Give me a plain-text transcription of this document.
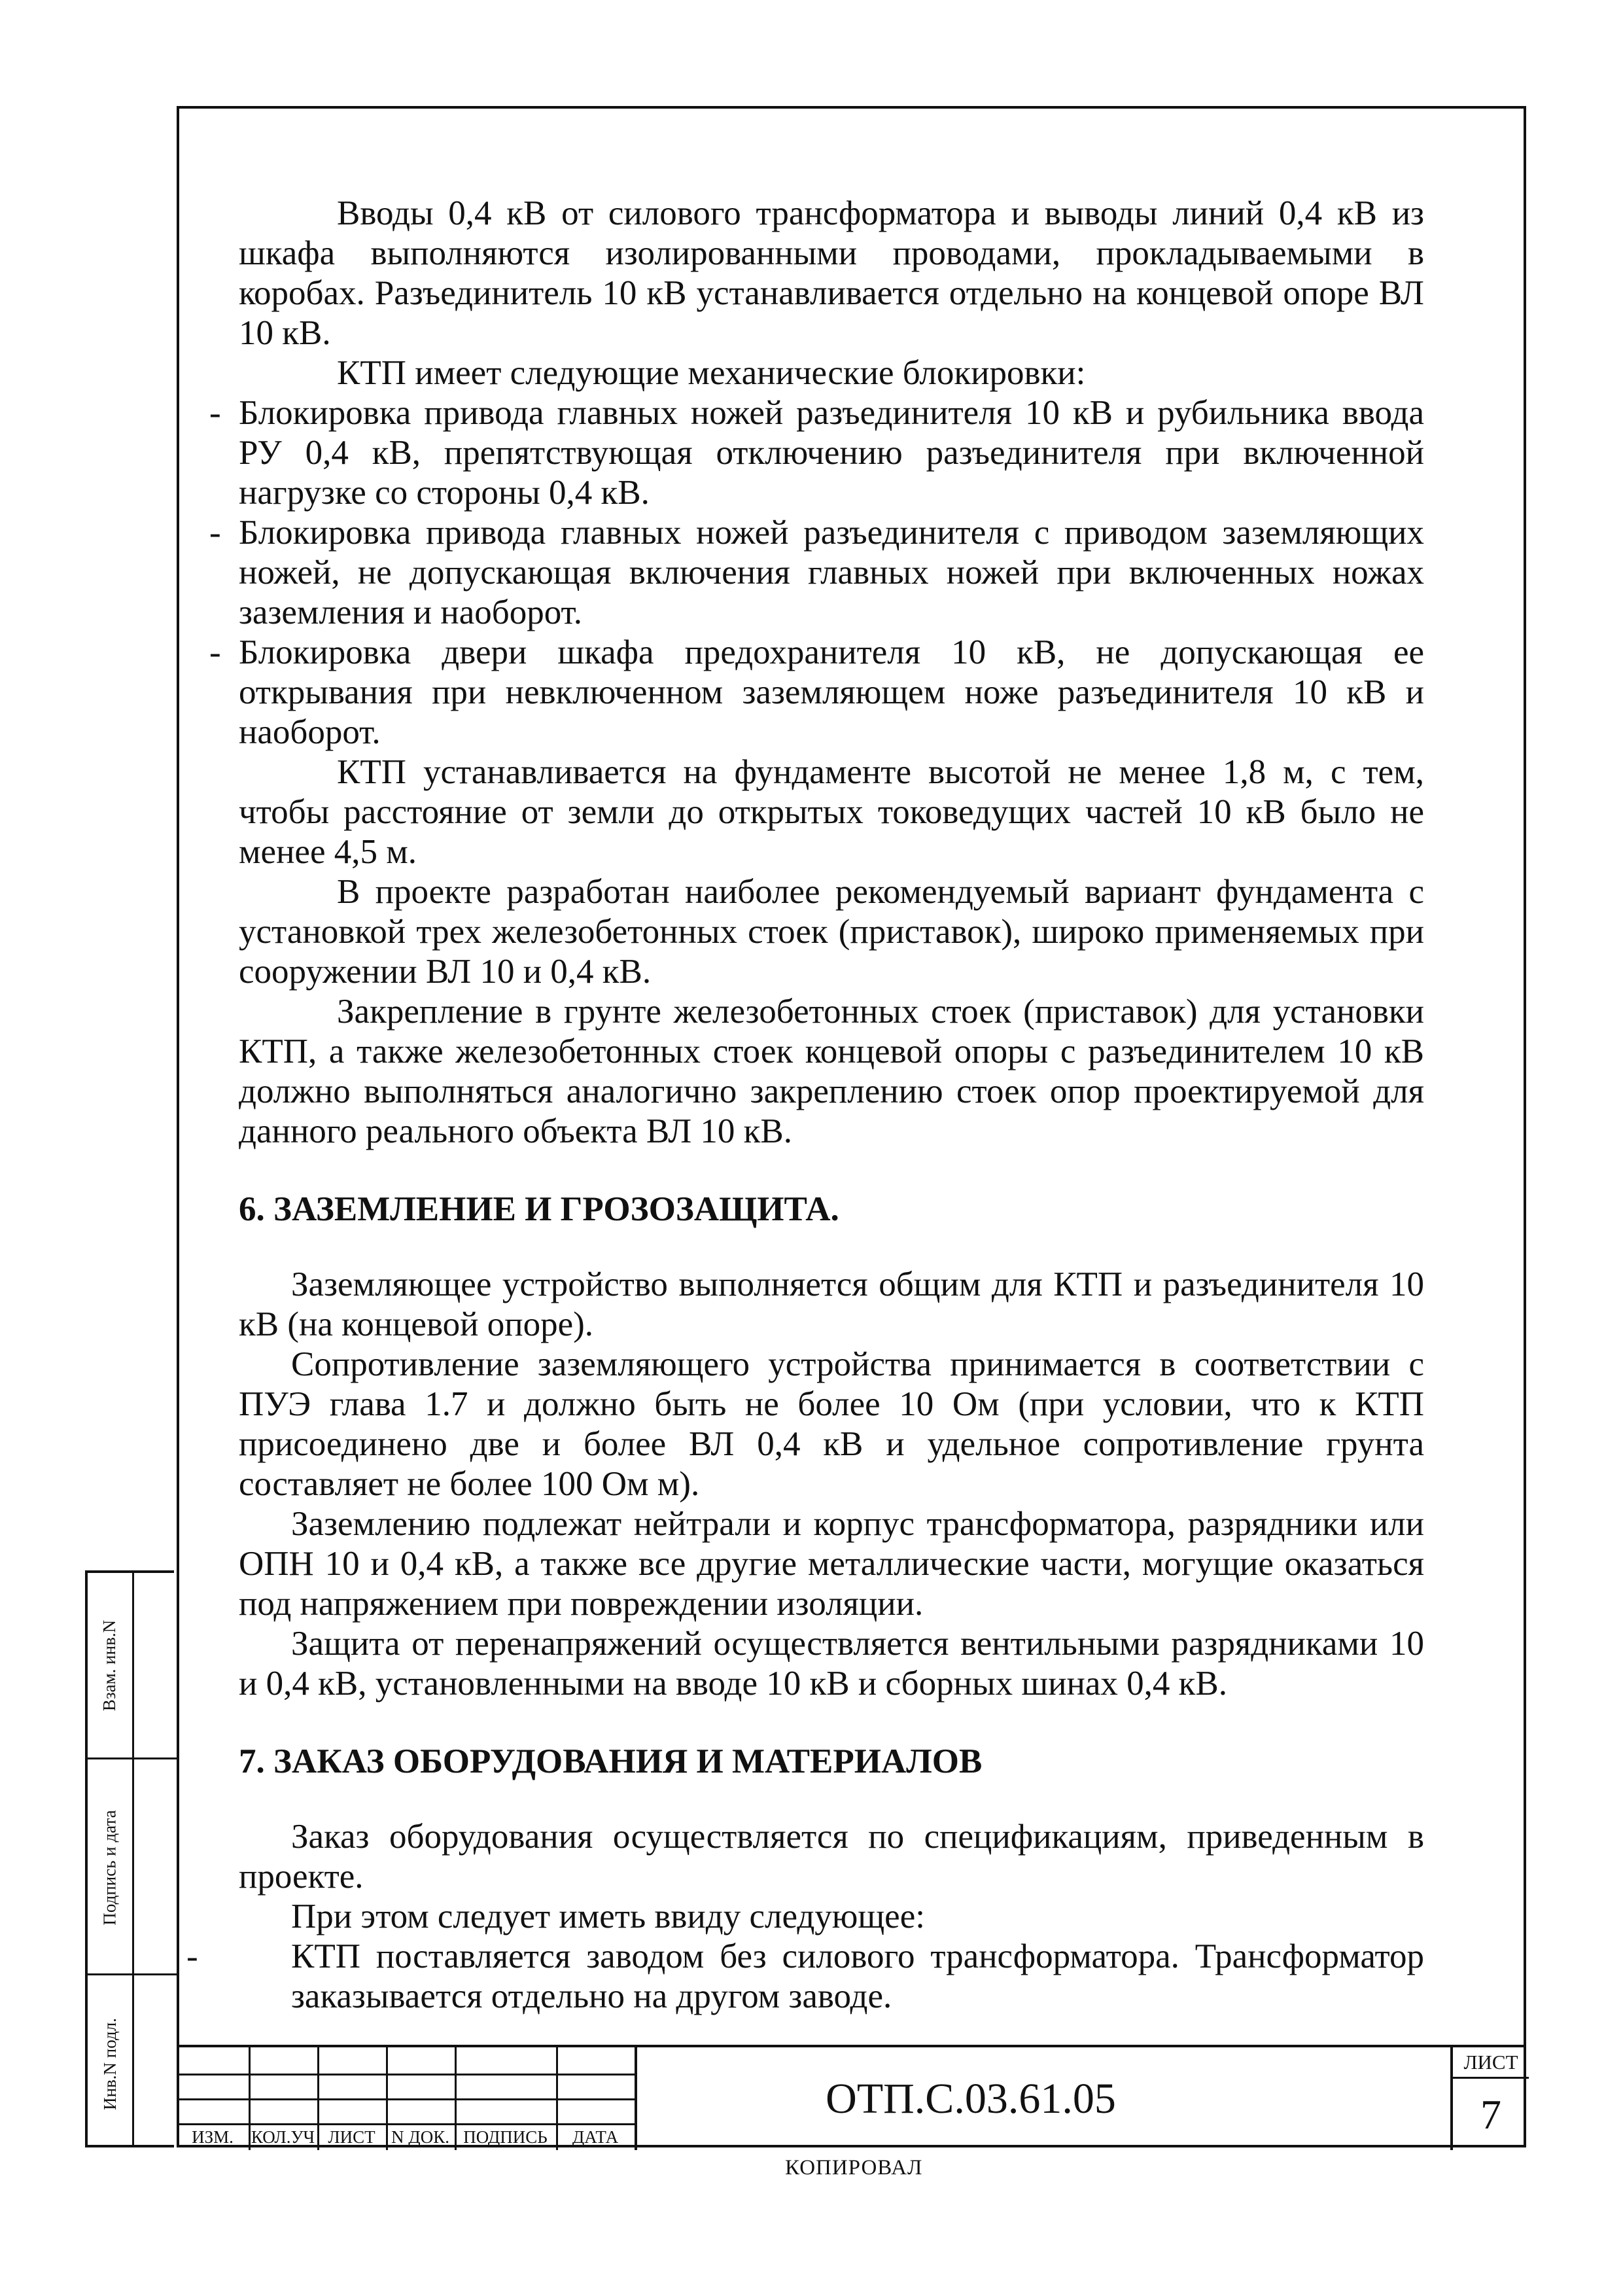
Вводы 0,4 кВ от силового трансформатора и выводы линий 0,4 кВ из шкафа выполняются изолированными проводами, прокладываемыми в коробах. Разъединитель 10 кВ устанавливается отдельно на концевой опоре ВЛ 10 кВ.

КТП имеет следующие механические блокировки:

- Блокировка привода главных ножей разъединителя 10 кВ и рубильника ввода РУ 0,4 кВ, препятствующая отключению разъединителя при включенной нагрузке со стороны 0,4 кВ.

- Блокировка привода главных ножей разъединителя с приводом заземляющих ножей, не допускающая включения главных ножей при включенных ножах заземления и наоборот.

- Блокировка двери шкафа предохранителя 10 кВ, не допускающая ее открывания при невключенном заземляющем ноже разъединителя 10 кВ и наоборот.

КТП устанавливается на фундаменте высотой не менее 1,8 м, с тем, чтобы расстояние от земли до открытых токоведущих частей 10 кВ было не менее 4,5 м.

В проекте разработан наиболее рекомендуемый вариант фундамента с установкой трех железобетонных стоек (приставок), широко применяемых при сооружении ВЛ 10 и 0,4 кВ.

Закрепление в грунте железобетонных стоек (приставок) для установки КТП, а также железобетонных стоек концевой опоры с разъединителем 10 кВ должно выполняться аналогично закреплению стоек опор проектируемой для данного реального объекта ВЛ 10 кВ.

6. ЗАЗЕМЛЕНИЕ И ГРОЗОЗАЩИТА.

Заземляющее устройство выполняется общим для КТП и разъединителя 10 кВ (на концевой опоре).

Сопротивление заземляющего устройства принимается в соответствии с ПУЭ глава 1.7 и должно быть не более 10 Ом (при условии, что к КТП присоединено две и более ВЛ 0,4 кВ и удельное сопротивление грунта составляет не более 100 Ом м).

Заземлению подлежат нейтрали и корпус трансформатора, разрядники или ОПН 10 и 0,4 кВ, а также все другие металлические части, могущие оказаться под напряжением при повреждении изоляции.

Защита от перенапряжений осуществляется вентильными разрядниками 10 и 0,4 кВ, установленными на вводе 10 кВ и сборных шинах 0,4 кВ.

7. ЗАКАЗ ОБОРУДОВАНИЯ И МАТЕРИАЛОВ

Заказ оборудования осуществляется по спецификациям, приведенным в проекте.

При этом следует иметь ввиду следующее:

-	КТП поставляется заводом без силового трансформатора. Трансформатор заказывается отдельно на другом заводе.

Взам. инв.N
Подпись и дата
Инв.N подл.
ИЗМ.	КОЛ.УЧ ЛИСТ N ДОК. ПОДПИСЬ	ДАТА
ОТП.С.03.61.05
ЛИСТ
7
КОПИРОВАЛ
